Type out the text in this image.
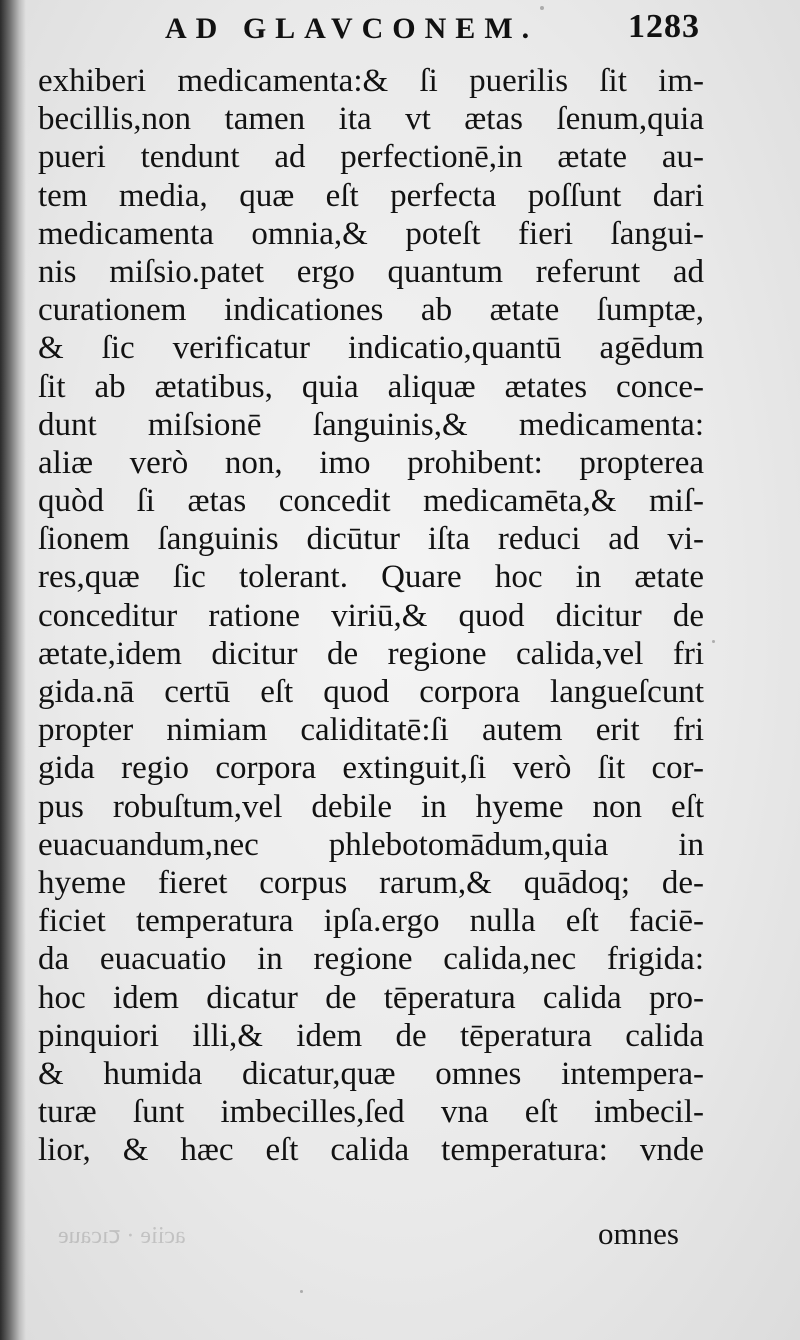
AD GLAVCONEM.	1283
exhiberi medicamenta:& ſi puerilis ſit im-
becillis,non tamen ita vt ætas ſenum,quia
pueri tendunt ad perfectionē,in ætate au-
tem media, quæ eſt perfecta poſſunt dari
medicamenta omnia,& poteſt fieri ſangui-
nis miſsio.patet ergo quantum referunt ad
curationem indicationes ab ætate ſumptæ,
& ſic verificatur indicatio,quantū agēdum
ſit ab ætatibus, quia aliquæ ætates conce-
dunt miſsionē ſanguinis,& medicamenta:
aliæ verò non, imo prohibent: propterea
quòd ſi ætas concedit medicamēta,& miſ-
ſionem ſanguinis dicūtur iſta reduci ad vi-
res,quæ ſic tolerant. Quare hoc in ætate
conceditur ratione viriū,& quod dicitur de
ætate,idem dicitur de regione calida,vel fri
gida.nā certū eſt quod corpora langueſcunt
propter nimiam caliditatē:ſi autem erit fri
gida regio corpora extinguit,ſi verò ſit cor-
pus robuſtum,vel debile in hyeme non eſt
euacuandum,nec phlebotomādum,quia in
hyeme fieret corpus rarum,& quādoq; de-
ficiet temperatura ipſa.ergo nulla eſt faciē-
da euacuatio in regione calida,nec frigida:
hoc idem dicatur de tēperatura calida pro-
pinquiori illi,& idem de tēperatura calida
& humida dicatur,quæ omnes intempera-
turæ ſunt imbecilles,ſed vna eſt imbecil-
lior, & hæc eſt calida temperatura: vnde
aciie · ꞇıcaue	omnes
